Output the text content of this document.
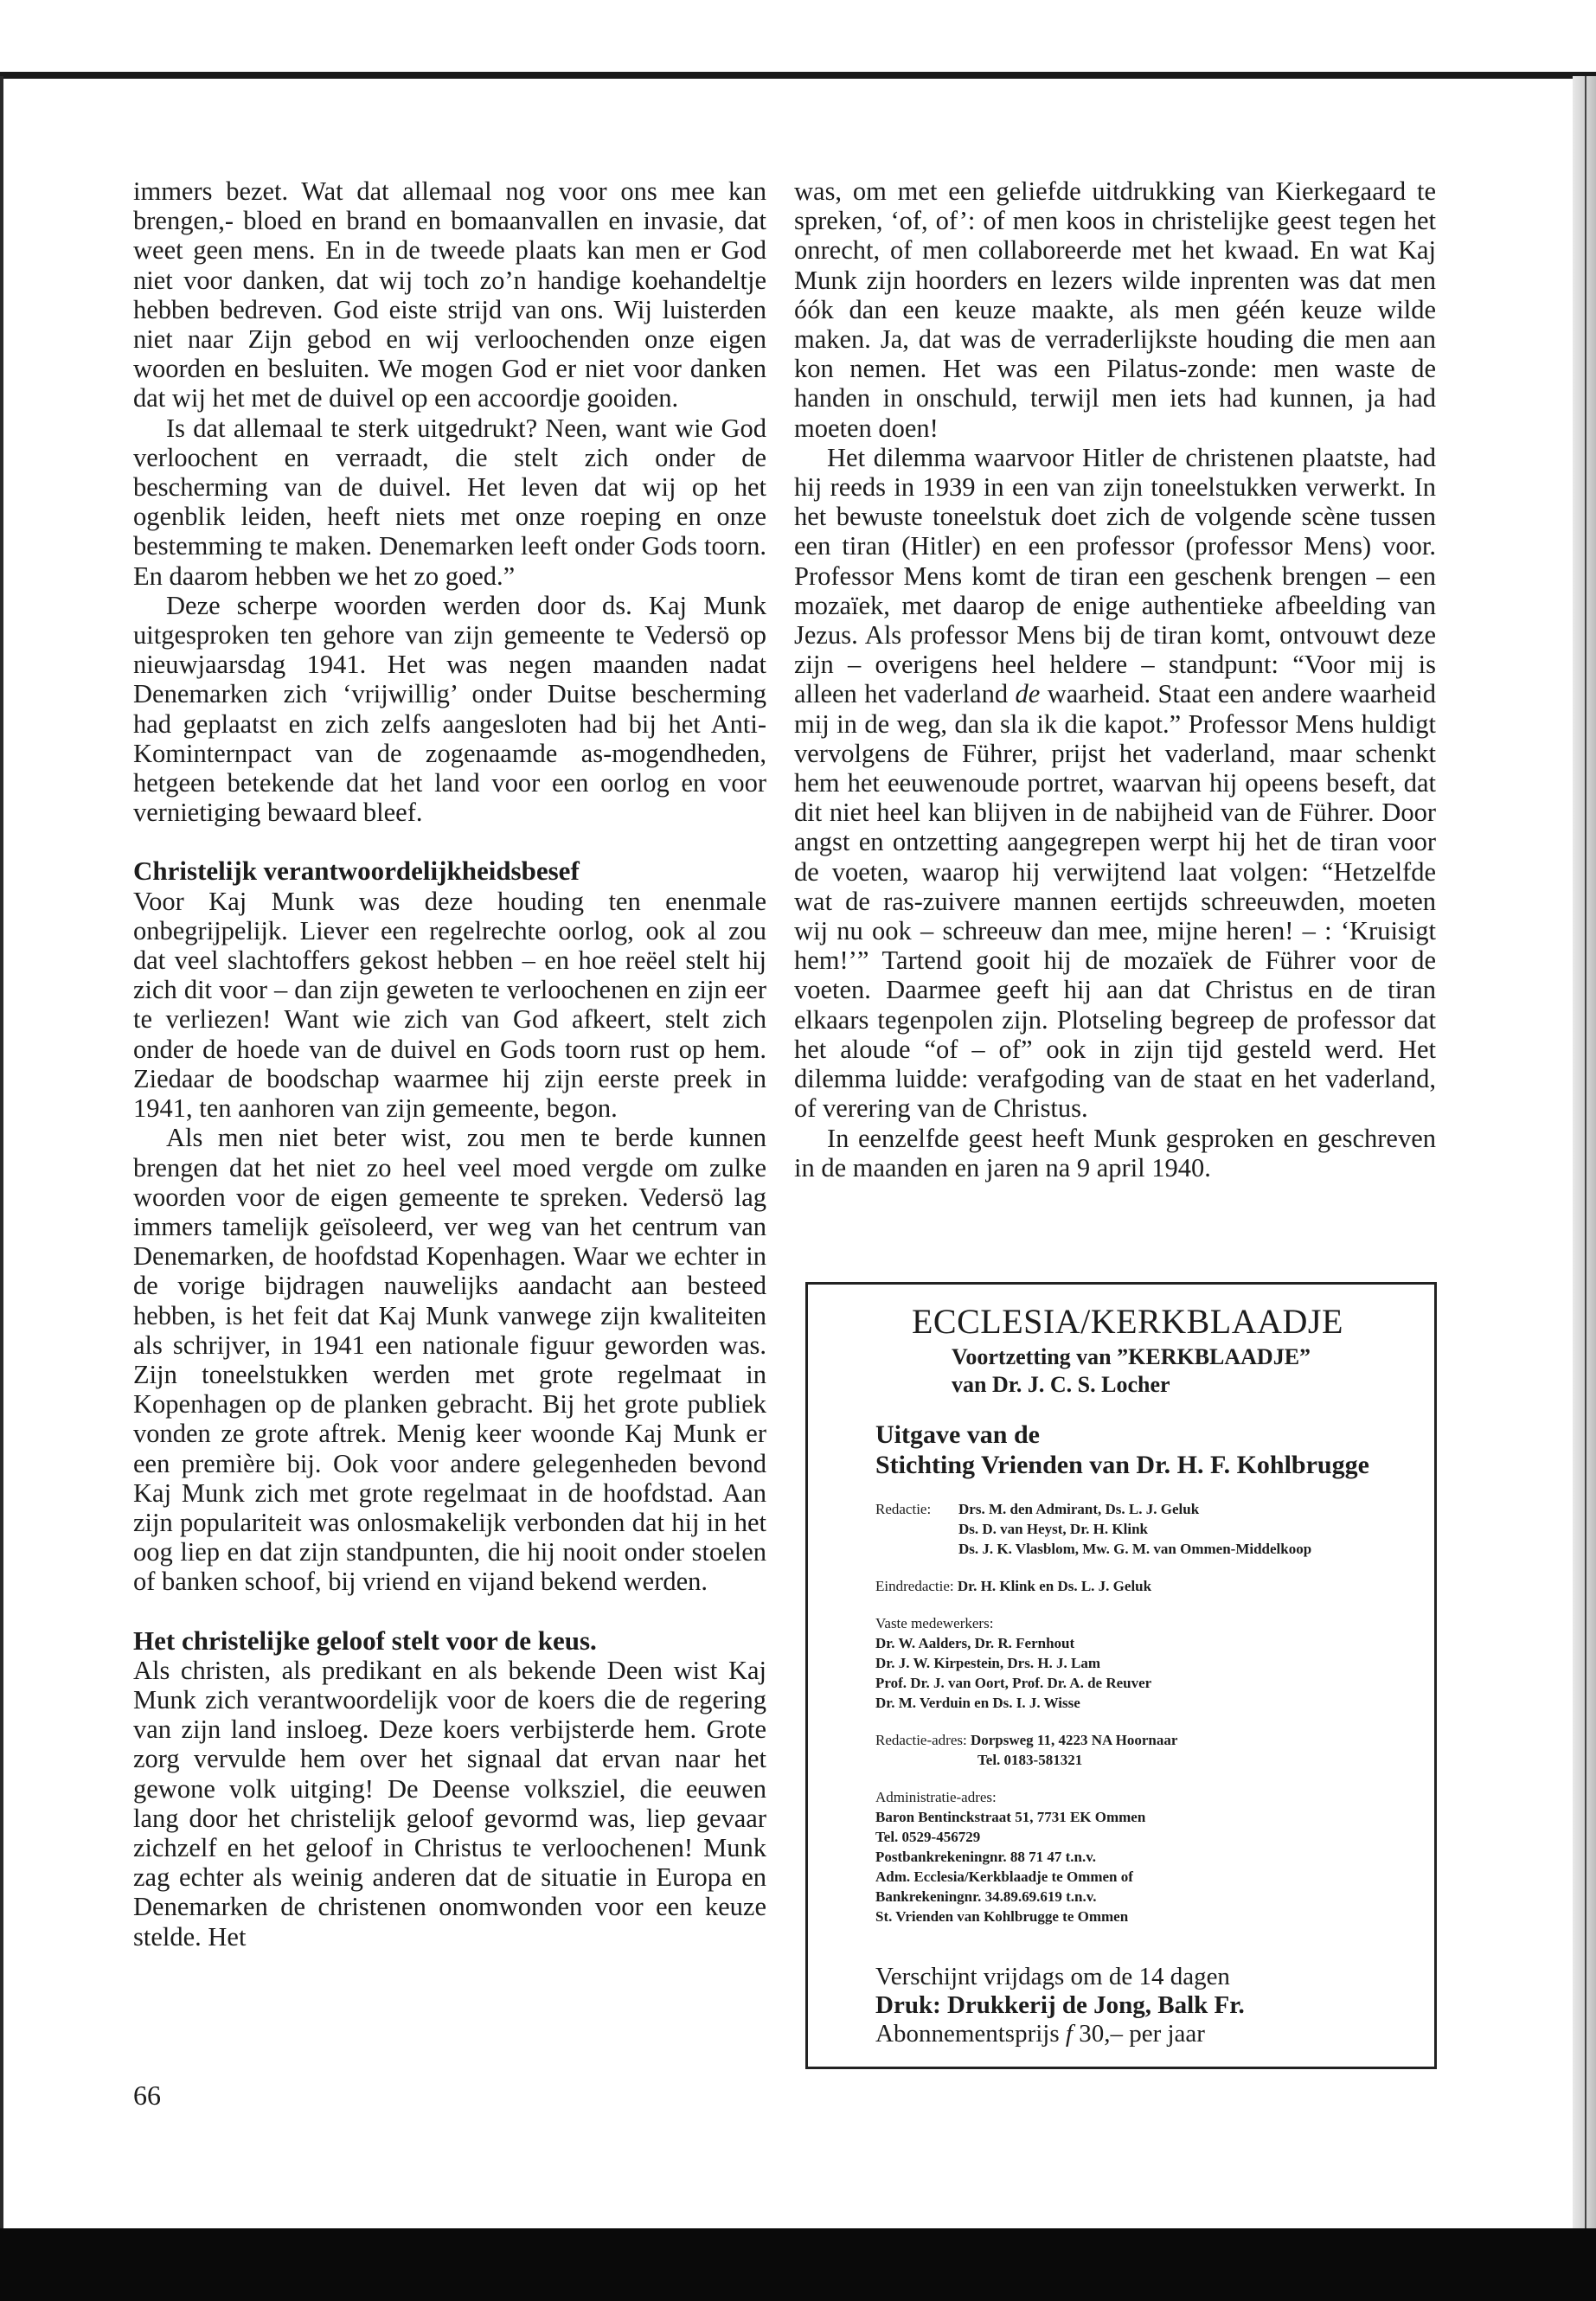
immers bezet. Wat dat allemaal nog voor ons mee kan brengen,- bloed en brand en bomaanvallen en invasie, dat weet geen mens. En in de tweede plaats kan men er God niet voor danken, dat wij toch zo’n handige koehandeltje hebben bedreven. God eiste strijd van ons. Wij luisterden niet naar Zijn gebod en wij verloochenden onze eigen woorden en besluiten. We mogen God er niet voor danken dat wij het met de duivel op een accoordje gooiden.

Is dat allemaal te sterk uitgedrukt? Neen, want wie God verloochent en verraadt, die stelt zich onder de bescherming van de duivel. Het leven dat wij op het ogenblik leiden, heeft niets met onze roeping en onze bestemming te maken. Denemarken leeft onder Gods toorn. En daarom hebben we het zo goed.”

Deze scherpe woorden werden door ds. Kaj Munk uitgesproken ten gehore van zijn gemeente te Vedersö op nieuwjaarsdag 1941. Het was negen maanden nadat Denemarken zich ‘vrijwillig’ onder Duitse bescherming had geplaatst en zich zelfs aangesloten had bij het Anti-Kominternpact van de zogenaamde as-mogendheden, hetgeen betekende dat het land voor een oorlog en voor vernietiging bewaard bleef.

Christelijk verantwoordelijkheidsbesef

Voor Kaj Munk was deze houding ten enenmale onbegrijpelijk. Liever een regelrechte oorlog, ook al zou dat veel slachtoffers gekost hebben – en hoe reëel stelt hij zich dit voor – dan zijn geweten te verloochenen en zijn eer te verliezen! Want wie zich van God afkeert, stelt zich onder de hoede van de duivel en Gods toorn rust op hem. Ziedaar de boodschap waarmee hij zijn eerste preek in 1941, ten aanhoren van zijn gemeente, begon.

Als men niet beter wist, zou men te berde kunnen brengen dat het niet zo heel veel moed vergde om zulke woorden voor de eigen gemeente te spreken. Vedersö lag immers tamelijk geïsoleerd, ver weg van het centrum van Denemarken, de hoofdstad Kopenhagen. Waar we echter in de vorige bijdragen nauwelijks aandacht aan besteed hebben, is het feit dat Kaj Munk vanwege zijn kwaliteiten als schrijver, in 1941 een nationale figuur geworden was. Zijn toneelstukken werden met grote regelmaat in Kopenhagen op de planken gebracht. Bij het grote publiek vonden ze grote aftrek. Menig keer woonde Kaj Munk er een première bij. Ook voor andere gelegenheden bevond Kaj Munk zich met grote regelmaat in de hoofdstad. Aan zijn populariteit was onlosmakelijk verbonden dat hij in het oog liep en dat zijn standpunten, die hij nooit onder stoelen of banken schoof, bij vriend en vijand bekend werden.

Het christelijke geloof stelt voor de keus.

Als christen, als predikant en als bekende Deen wist Kaj Munk zich verantwoordelijk voor de koers die de regering van zijn land insloeg. Deze koers verbijsterde hem. Grote zorg vervulde hem over het signaal dat ervan naar het gewone volk uitging! De Deense volksziel, die eeuwen lang door het christelijk geloof gevormd was, liep gevaar zichzelf en het geloof in Christus te verloochenen! Munk zag echter als weinig anderen dat de situatie in Europa en Denemarken de christenen onomwonden voor een keuze stelde. Het

was, om met een geliefde uitdrukking van Kierkegaard te spreken, ‘of, of’: of men koos in christelijke geest tegen het onrecht, of men collaboreerde met het kwaad. En wat Kaj Munk zijn hoorders en lezers wilde inprenten was dat men óók dan een keuze maakte, als men géén keuze wilde maken. Ja, dat was de verraderlijkste houding die men aan kon nemen. Het was een Pilatus-zonde: men waste de handen in onschuld, terwijl men iets had kunnen, ja had moeten doen!

Het dilemma waarvoor Hitler de christenen plaatste, had hij reeds in 1939 in een van zijn toneelstukken verwerkt. In het bewuste toneelstuk doet zich de volgende scène tussen een tiran (Hitler) en een professor (professor Mens) voor. Professor Mens komt de tiran een geschenk brengen – een mozaïek, met daarop de enige authentieke afbeelding van Jezus. Als professor Mens bij de tiran komt, ontvouwt deze zijn – overigens heel heldere – standpunt: “Voor mij is alleen het vaderland de waarheid. Staat een andere waarheid mij in de weg, dan sla ik die kapot.” Professor Mens huldigt vervolgens de Führer, prijst het vaderland, maar schenkt hem het eeuwenoude portret, waarvan hij opeens beseft, dat dit niet heel kan blijven in de nabijheid van de Führer. Door angst en ontzetting aangegrepen werpt hij het de tiran voor de voeten, waarop hij verwijtend laat volgen: “Hetzelfde wat de ras-zuivere mannen eertijds schreeuwden, moeten wij nu ook – schreeuw dan mee, mijne heren! – : ‘Kruisigt hem!’” Tartend gooit hij de mozaïek de Führer voor de voeten. Daarmee geeft hij aan dat Christus en de tiran elkaars tegenpolen zijn. Plotseling begreep de professor dat het aloude “of – of” ook in zijn tijd gesteld werd. Het dilemma luidde: verafgoding van de staat en het vaderland, of verering van de Christus.

In eenzelfde geest heeft Munk gesproken en geschreven in de maanden en jaren na 9 april 1940.

ECCLESIA/KERKBLAADJE
Voortzetting van ”KERKBLAADJE”
van Dr. J. C. S. Locher
Uitgave van de
Stichting Vrienden van Dr. H. F. Kohlbrugge
Redactie:	Drs. M. den Admirant, Ds. L. J. Geluk
Ds. D. van Heyst, Dr. H. Klink
Ds. J. K. Vlasblom, Mw. G. M. van Ommen-Middelkoop
Eindredactie: Dr. H. Klink en Ds. L. J. Geluk
Vaste medewerkers:
Dr. W. Aalders, Dr. R. Fernhout
Dr. J. W. Kirpestein, Drs. H. J. Lam
Prof. Dr. J. van Oort, Prof. Dr. A. de Reuver
Dr. M. Verduin en Ds. I. J. Wisse
Redactie-adres: Dorpsweg 11, 4223 NA Hoornaar
Tel. 0183-581321
Administratie-adres:
Baron Bentinckstraat 51, 7731 EK Ommen
Tel. 0529-456729
Postbankrekeningnr. 88 71 47 t.n.v.
Adm. Ecclesia/Kerkblaadje te Ommen of
Bankrekeningnr. 34.89.69.619 t.n.v.
St. Vrienden van Kohlbrugge te Ommen
Verschijnt vrijdags om de 14 dagen
Druk: Drukkerij de Jong, Balk Fr.
Abonnementsprijs f 30,– per jaar
66
